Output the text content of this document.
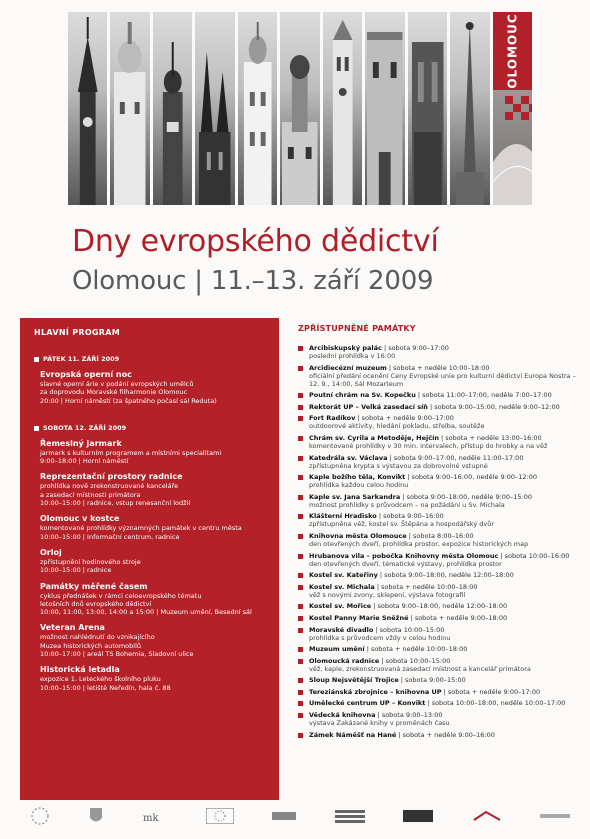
OLOMOUC
Dny evropského dědictví
Olomouc | 11.–13. září 2009
HLAVNÍ PROGRAM
PÁTEK 11. ZÁŘÍ 2009
Evropská operní noc
slavné operní árie v podání evropských umělců
za doprovodu Moravské filharmonie Olomouc
20:00 | Horní náměstí (za špatného počasí sál Reduta)
SOBOTA 12. ZÁŘÍ 2009
Řemeslný jarmark
jarmark s kulturním programem a místními specialitami
9:00–18:00 | Horní náměstí
Reprezentační prostory radnice
prohlídka nově zrekonstruované kanceláře
a zasedací místnosti primátora
10:00–15:00 | radnice, vstup renesanční lodžií
Olomouc v kostce
komentované prohlídky významných památek v centru města
10:00–15:00 | Informační centrum, radnice
Orloj
zpřístupnění hodinového stroje
10:00–15:00 | radnice
Památky měřené časem
cyklus přednášek v rámci celoevropského tématu
letošních dnů evropského dědictví
10:00, 11:00, 13:00, 14:00 a 15:00 | Muzeum umění, Besední sál
Veteran Arena
možnost nahlédnutí do vznikajícího
Muzea historických automobilů
10:00–17:00 | areál TS Bohemia, Sladovní ulice
Historická letadla
expozice 1. Leteckého školního pluku
10:00–15:00 | letiště Neředín, hala č. 88
ZPŘÍSTUPNĚNÉ PAMÁTKY
Arcibiskupský palác | sobota 9:00–17:00
poslední prohlídka v 16:00
Arcidiecézní muzeum | sobota + neděle 10:00–18:00
oficiální předání ocenění Ceny Evropské unie pro kulturní dědictví Europa Nostra – 12. 9., 14:00, Sál Mozarteum
Poutní chrám na Sv. Kopečku | sobota 11:00–17:00, neděle 7:00–17:00
Rektorát UP – Velká zasedací síň | sobota 9:00–15:00, neděle 9:00–12:00
Fort Radíkov | sobota + neděle 9:00–17:00
outdoorové aktivity, hledání pokladu, střelba, soutěže
Chrám sv. Cyrila a Metoděje, Hejčín | sobota + neděle 13:00–16:00
komentované prohlídky v 30 min. intervalech, přístup do hrobky a na věž
Katedrála sv. Václava | sobota 9:00–17:00, neděle 11:00–17:00
zpřístupněna krypta s výstavou za dobrovolné vstupné
Kaple božího těla, Konvikt | sobota 9:00–16:00, neděle 9:00–12:00
prohlídka každou celou hodinu
Kaple sv. Jana Sarkandra | sobota 9:00–18:00, neděle 9:00–15:00
možnost prohlídky s průvodcem – na požádání u Sv. Michala
Klášterní Hradisko | sobota 9:00–16:00
zpřístupněna věž, kostel sv. Štěpána a hospodářský dvůr
Knihovna města Olomouce | sobota 8:00–16:00
den otevřených dveří, prohlídka prostor, expozice historických map
Hrubanova vila – pobočka Knihovny města Olomouc | sobota 10:00–16:00
den otevřených dveří, tématické výstavy, prohlídka prostor
Kostel sv. Kateřiny | sobota 9:00–18:00, neděle 12:00–18:00
Kostel sv. Michala | sobota + neděle 10:00–18:00
věž s novými zvony, sklepení, výstava fotografií
Kostel sv. Mořice | sobota 9:00–18:00, neděle 12:00–18:00
Kostel Panny Marie Sněžné | sobota + neděle 9:00–18:00
Moravské divadlo | sobota 10:00–15:00
prohlídka s průvodcem vždy v celou hodinu
Muzeum umění | sobota + neděle 10:00–18:00
Olomoucká radnice | sobota 10:00–15:00
věž, kaple, zrekonstruovaná zasedací místnost a kancelář primátora
Sloup Nejsvětější Trojice | sobota 9:00–15:00
Tereziánská zbrojnice – knihovna UP | sobota + neděle 9:00–17:00
Umělecké centrum UP – Konvikt | sobota 10:00–18:00, neděle 10:00–17:00
Vědecká knihovna | sobota 9:00–13:00
výstava Zakázané knihy v proměnách času
Zámek Náměšť na Hané | sobota + neděle 9:00–16:00
mk
